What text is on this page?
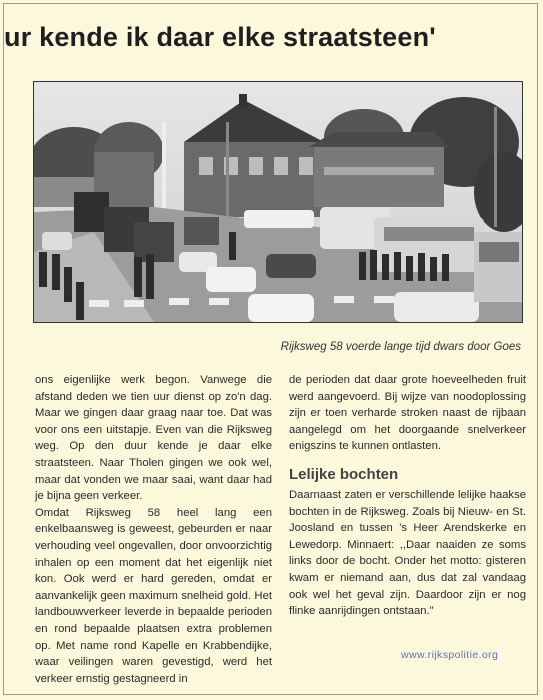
ur kende ik daar elke straatsteen'

Rijksweg 58 voerde lange tijd dwars door Goes

ons eigenlijke werk begon. Vanwege die afstand deden we tien uur dienst op zo'n dag. Maar we gingen daar graag naar toe. Dat was voor ons een uitstapje. Even van die Rijksweg weg. Op den duur kende je daar elke straatsteen. Naar Tholen gingen we ook wel, maar dat vonden we maar saai, want daar had je bijna geen verkeer.

Omdat Rijksweg 58 heel lang een enkelbaansweg is geweest, gebeurden er naar verhouding veel ongevallen, door onvoorzichtig inhalen op een moment dat het eigenlijk niet kon. Ook werd er hard gereden, omdat er aanvankelijk geen maximum snelheid gold. Het landbouwverkeer leverde in bepaalde perioden en rond bepaalde plaatsen extra problemen op. Met name rond Kapelle en Krabbendijke, waar veilingen waren gevestigd, werd het verkeer ernstig gestagneerd in

de perioden dat daar grote hoeveelheden fruit werd aangevoerd. Bij wijze van noodoplossing zijn er toen verharde stroken naast de rijbaan aangelegd om het doorgaande snelverkeer enigszins te kunnen ontlasten.

Lelijke bochten

Daarnaast zaten er verschillende lelijke haakse bochten in de Rijksweg. Zoals bij Nieuw- en St. Joosland en tussen 's Heer Arendskerke en Lewedorp. Minnaert: ,,Daar naaiden ze soms links door de bocht. Onder het motto: gisteren kwam er niemand aan, dus dat zal vandaag ook wel het geval zijn. Daardoor zijn er nog flinke aanrijdingen ontstaan."

www.rijkspolitie.org
